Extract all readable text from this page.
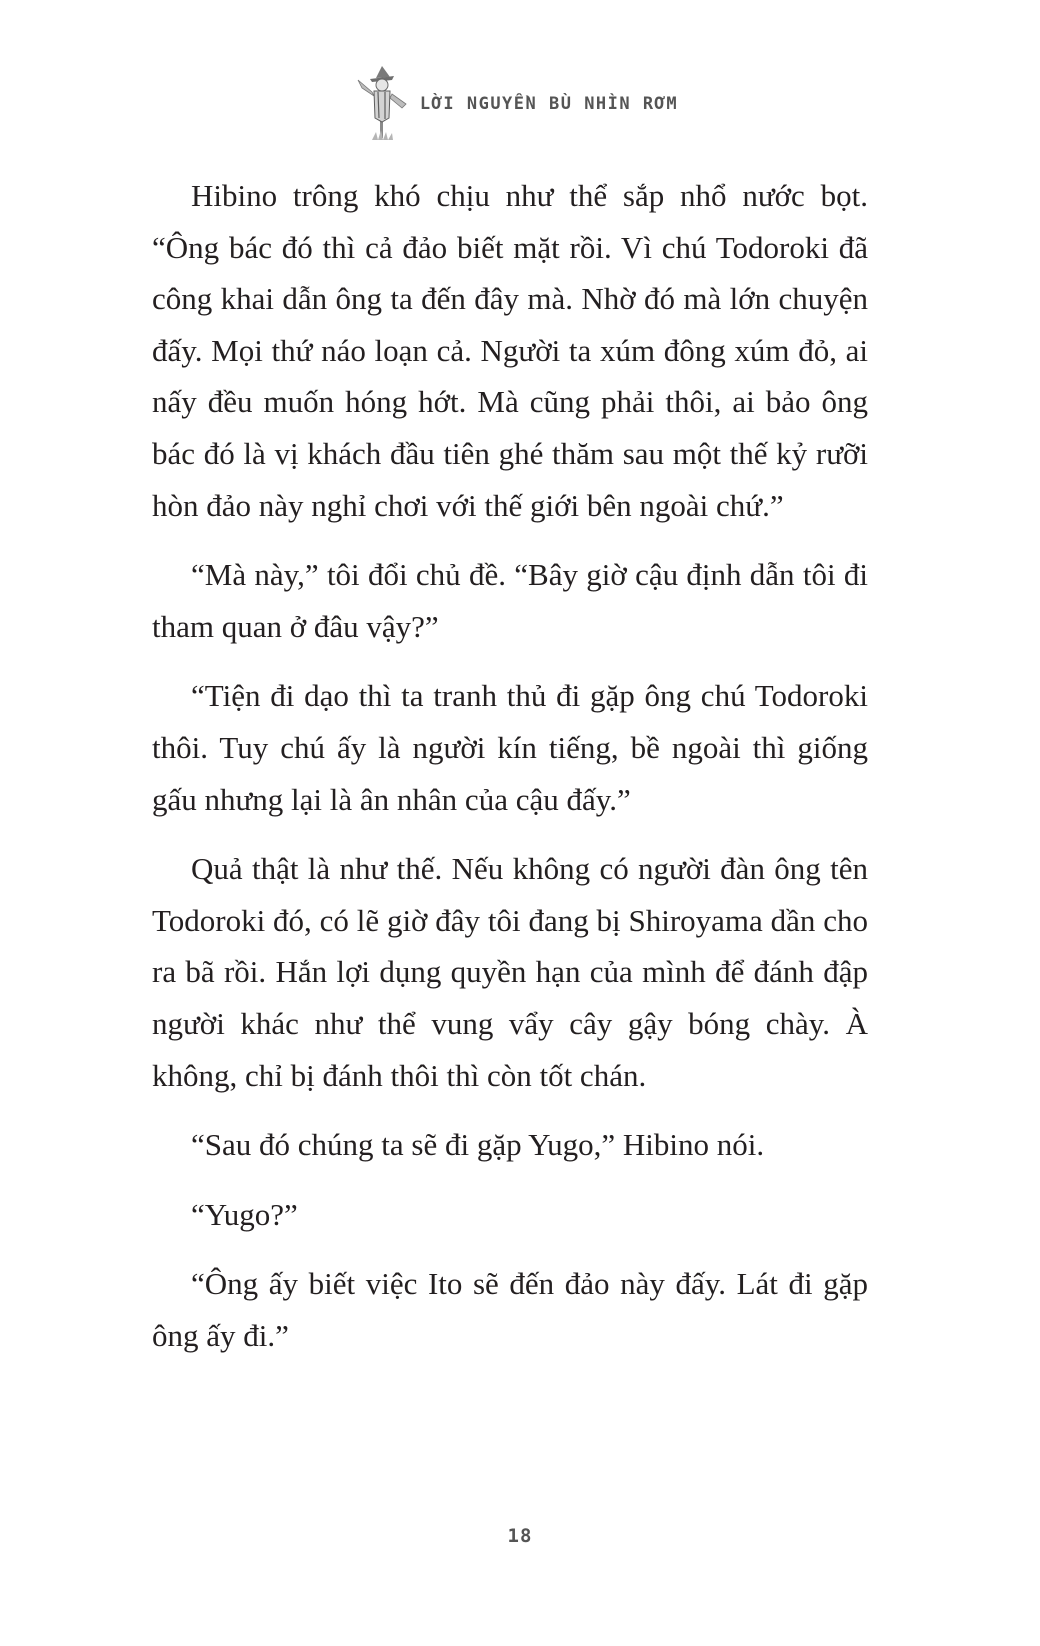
LỜI NGUYỀN BÙ NHÌN RƠM

Hibino trông khó chịu như thể sắp nhổ nước bọt. “Ông bác đó thì cả đảo biết mặt rồi. Vì chú Todoroki đã công khai dẫn ông ta đến đây mà. Nhờ đó mà lớn chuyện đấy. Mọi thứ náo loạn cả. Người ta xúm đông xúm đỏ, ai nấy đều muốn hóng hớt. Mà cũng phải thôi, ai bảo ông bác đó là vị khách đầu tiên ghé thăm sau một thế kỷ rưỡi hòn đảo này nghỉ chơi với thế giới bên ngoài chứ.”

“Mà này,” tôi đổi chủ đề. “Bây giờ cậu định dẫn tôi đi tham quan ở đâu vậy?”

“Tiện đi dạo thì ta tranh thủ đi gặp ông chú Todoroki thôi. Tuy chú ấy là người kín tiếng, bề ngoài thì giống gấu nhưng lại là ân nhân của cậu đấy.”

Quả thật là như thế. Nếu không có người đàn ông tên Todoroki đó, có lẽ giờ đây tôi đang bị Shiroyama dần cho ra bã rồi. Hắn lợi dụng quyền hạn của mình để đánh đập người khác như thể vung vẩy cây gậy bóng chày. À không, chỉ bị đánh thôi thì còn tốt chán.

“Sau đó chúng ta sẽ đi gặp Yugo,” Hibino nói.

“Yugo?”

“Ông ấy biết việc Ito sẽ đến đảo này đấy. Lát đi gặp ông ấy đi.”

18
